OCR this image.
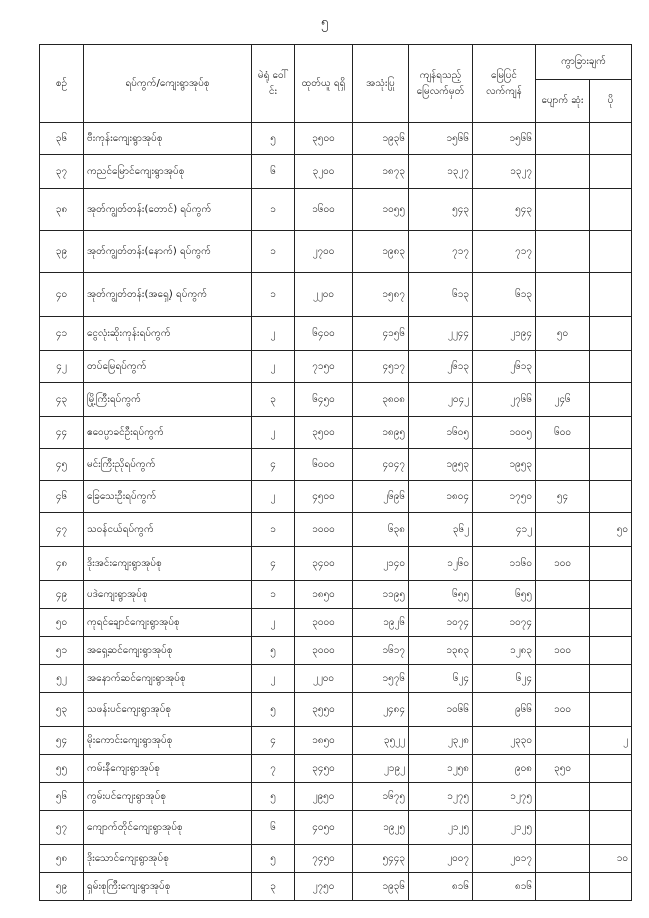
၅
စဉ်	ရပ်ကွက်/ကျေးရွာအုပ်စု	မဲရုံ ဝေါ်င်း	ထုတ်ယူ ရရှိ	အသုံးပြု	ကျန်ရသည့် မြေလက်မှတ်	မြေပြင် လက်ကျန်	ကွာခြားချက်	
							ပျောက် ဆုံး	ပို
၃၆	ဗီးကုန်းကျေးရွာအုပ်စု	၅	၃၅၀၀	၁၉၃၆	၁၅၆၆	၁၅၆၆		
၃၇	ကညင်မြောင်ကျေးရွာအုပ်စု	၆	၃၂၀၀	၁၈၇၃	၁၃၂၇	၁၃၂၇		
၃၈	အုတ်ကျွတ်တန်း(တောင်) ရပ်ကွက်	၁	၁၆၀၀	၁၀၅၅	၅၄၃	၅၄၃		
၃၉	အုတ်ကျွတ်တန်း(နောက်) ရပ်ကွက်	၁	၂၇၀၀	၁၉၈၃	၇၁၇	၇၁၇		
၄၀	အုတ်ကျွတ်တန်း(အရှေ့) ရပ်ကွက်	၁	၂၂၀၀	၁၅၈၇	၆၁၃	၆၁၃		
၄၁	ငွေလုံးဆိုးကုန်းရပ်ကွက်	၂	၆၄၀၀	၄၁၅၆	၂၂၄၄	၂၁၉၄	၅၀	
၄၂	တပ်မြေရပ်ကွက်	၂	၇၁၅၀	၄၅၁၇	၂၆၁၃	၂၆၁၃		
၄၃	မြို့ကြီးရပ်ကွက်	၃	၆၄၅၀	၃၈၀၈	၂၀၄၂	၂၇၆၆	၂၄၆	
၄၄	ဧဝေပ္ပာခင်ဦးရပ်ကွက်	၂	၃၅၀၀	၁၈၉၅	၁၆၀၅	၁၀၀၅	၆၀၀	
၄၅	မင်းကြီးညိုရပ်ကွက်	၄	၆၀၀၀	၄၀၄၇	၁၉၅၃	၁၉၅၃		
၄၆	ခြေသေးဦးရပ်ကွက်	၂	၄၅၀၀	၂၆၉၆	၁၈၀၄	၁၇၅၀	၅၄	
၄၇	သဝန်ငယ်ရပ်ကွက်	၁	၁၀၀၀	၆၃၈	၃၆၂	၄၁၂		၅၀
၄၈	ဒိုးအင်းကျေးရွာအုပ်စု	၄	၃၄၀၀	၂၁၄၀	၁၂၆၀	၁၁၆၀	၁၀၀	
၄၉	ပဒဲကျေးရွာအုပ်စု	၁	၁၈၅၀	၁၁၉၅	၆၅၅	၆၅၅		
၅၀	ကုရင်ချောင်ကျေးရွာအုပ်စု	၂	၃၀၀၀	၁၉၂၆	၁၀၇၄	၁၀၇၄		
၅၁	အရှေ့ဆင်ကျေးရွာအုပ်စု	၅	၃၀၀၀	၁၆၁၇	၁၃၈၃	၁၂၈၃	၁၀၀	
၅၂	အနောက်ဆင်ကျေးရွာအုပ်စု	၂	၂၂၀၀	၁၅၇၆	၆၂၄	၆၂၄		
၅၃	သဖန်းပင်ကျေးရွာအုပ်စု	၅	၃၅၅၀	၂၄၈၄	၁၀၆၆	၉၆၆	၁၀၀	
၅၄	မိုးကောင်းကျေးရွာအုပ်စု	၄	၁၈၅၀	၃၅၂၂	၂၃၂၈	၂၃၃၀		၂
၅၅	ကမ်းနီကျေးရွာအုပ်စု	၇	၃၄၅၀	၂၁၉၂	၁၂၅၈	၉၀၈	၃၅၀	
၅၆	ကွမ်းပင်ကျေးရွာအုပ်စု	၅	၂၉၅၀	၁၆၇၅	၁၂၇၅	၁၂၇၅		
၅၇	ကျောက်တိုင်ကျေးရွာအုပ်စု	၆	၄၀၅၀	၁၉၂၅	၂၁၂၅	၂၁၂၅		
၅၈	ဒိုးသောင်ကျေးရွာအုပ်စု	၅	၇၄၅၀	၅၄၄၃	၂၀၀၇	၂၀၁၇		၁၀
၅၉	ရှမ်းစုကြီးကျေးရွာအုပ်စု	၃	၂၇၅၀	၁၉၃၆	၈၁၆	၈၁၆		
